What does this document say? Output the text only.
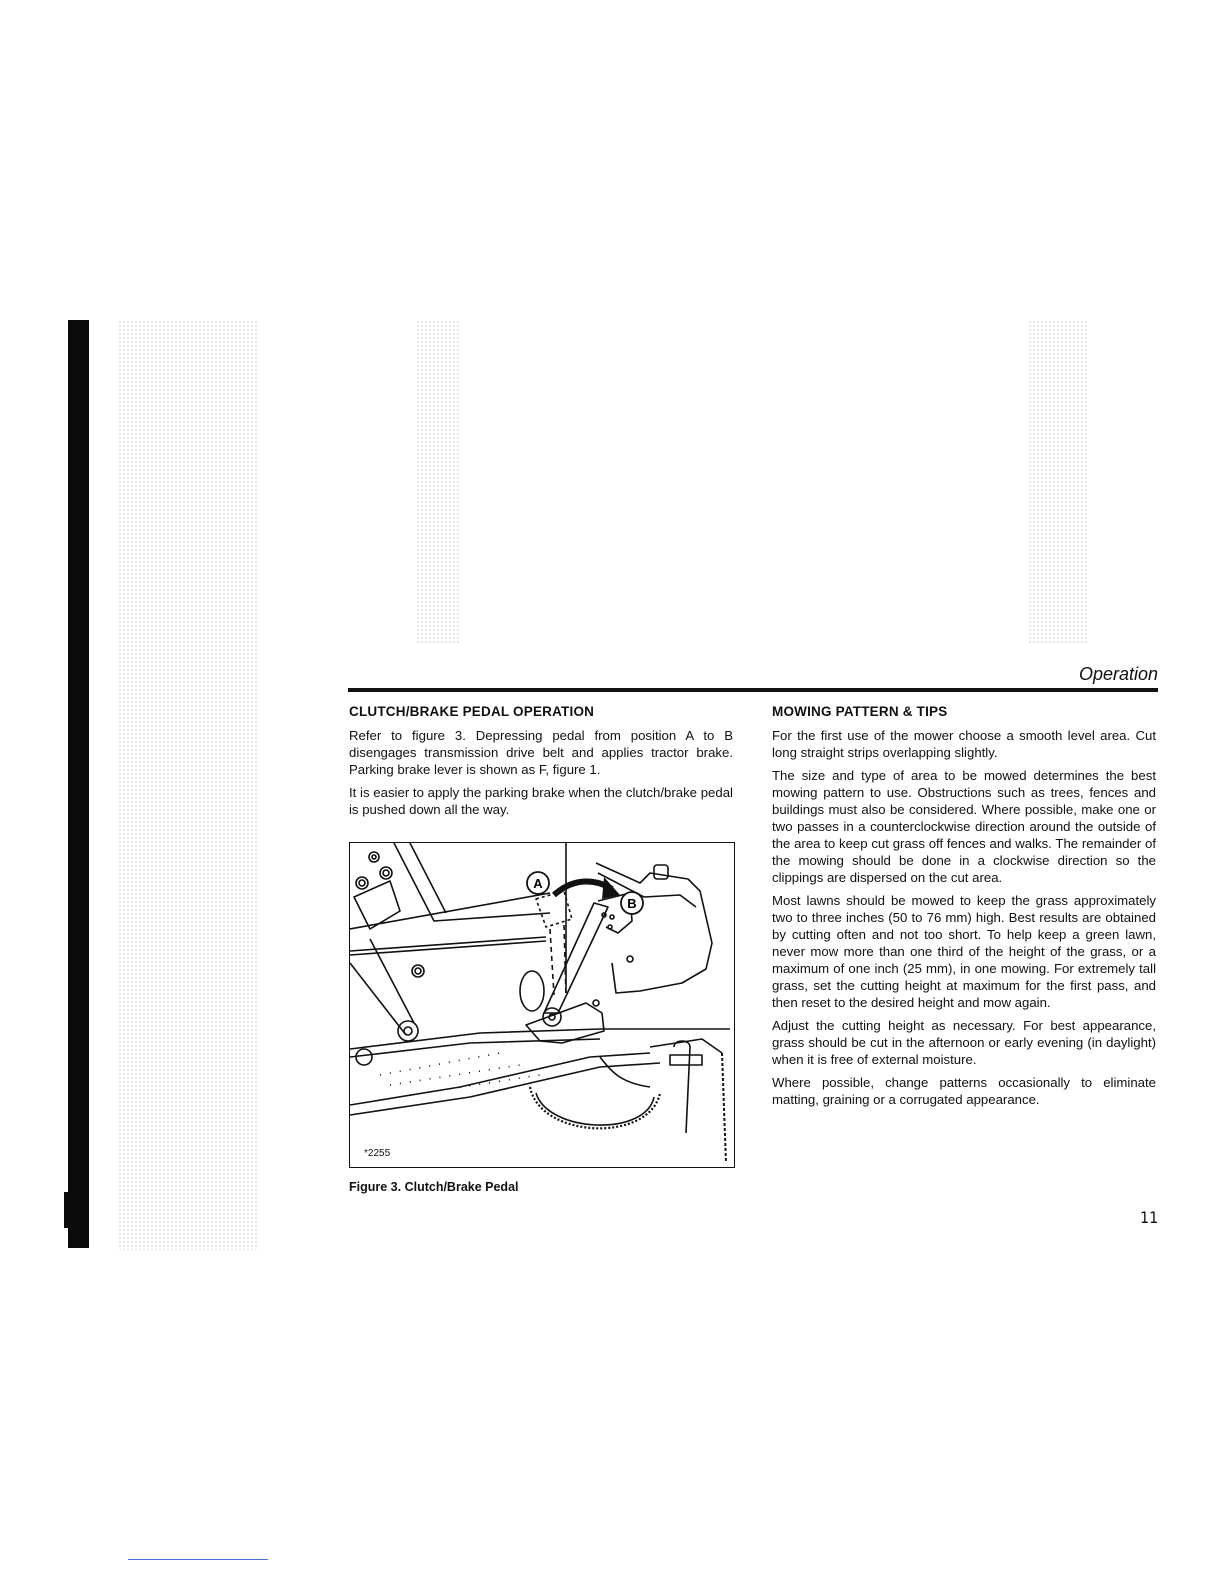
Operation
CLUTCH/BRAKE PEDAL OPERATION

Refer to figure 3. Depressing pedal from position A to B disengages transmission drive belt and applies tractor brake. Parking brake lever is shown as F, figure 1.

It is easier to apply the parking brake when the clutch/brake pedal is pushed down all the way.

A
B
*2255
Figure 3. Clutch/Brake Pedal
MOWING PATTERN & TIPS

For the first use of the mower choose a smooth level area. Cut long straight strips overlapping slightly.

The size and type of area to be mowed determines the best mowing pattern to use. Obstructions such as trees, fences and buildings must also be considered. Where possible, make one or two passes in a counterclockwise direction around the outside of the area to keep cut grass off fences and walks. The remainder of the mowing should be done in a clockwise direction so the clippings are dispersed on the cut area.

Most lawns should be mowed to keep the grass approximately two to three inches (50 to 76 mm) high. Best results are obtained by cutting often and not too short. To help keep a green lawn, never mow more than one third of the height of the grass, or a maximum of one inch (25 mm), in one mowing. For extremely tall grass, set the cutting height at maximum for the first pass, and then reset to the desired height and mow again.

Adjust the cutting height as necessary. For best appearance, grass should be cut in the afternoon or early evening (in daylight) when it is free of external moisture.

Where possible, change patterns occasionally to eliminate matting, graining or a corrugated appearance.

11
